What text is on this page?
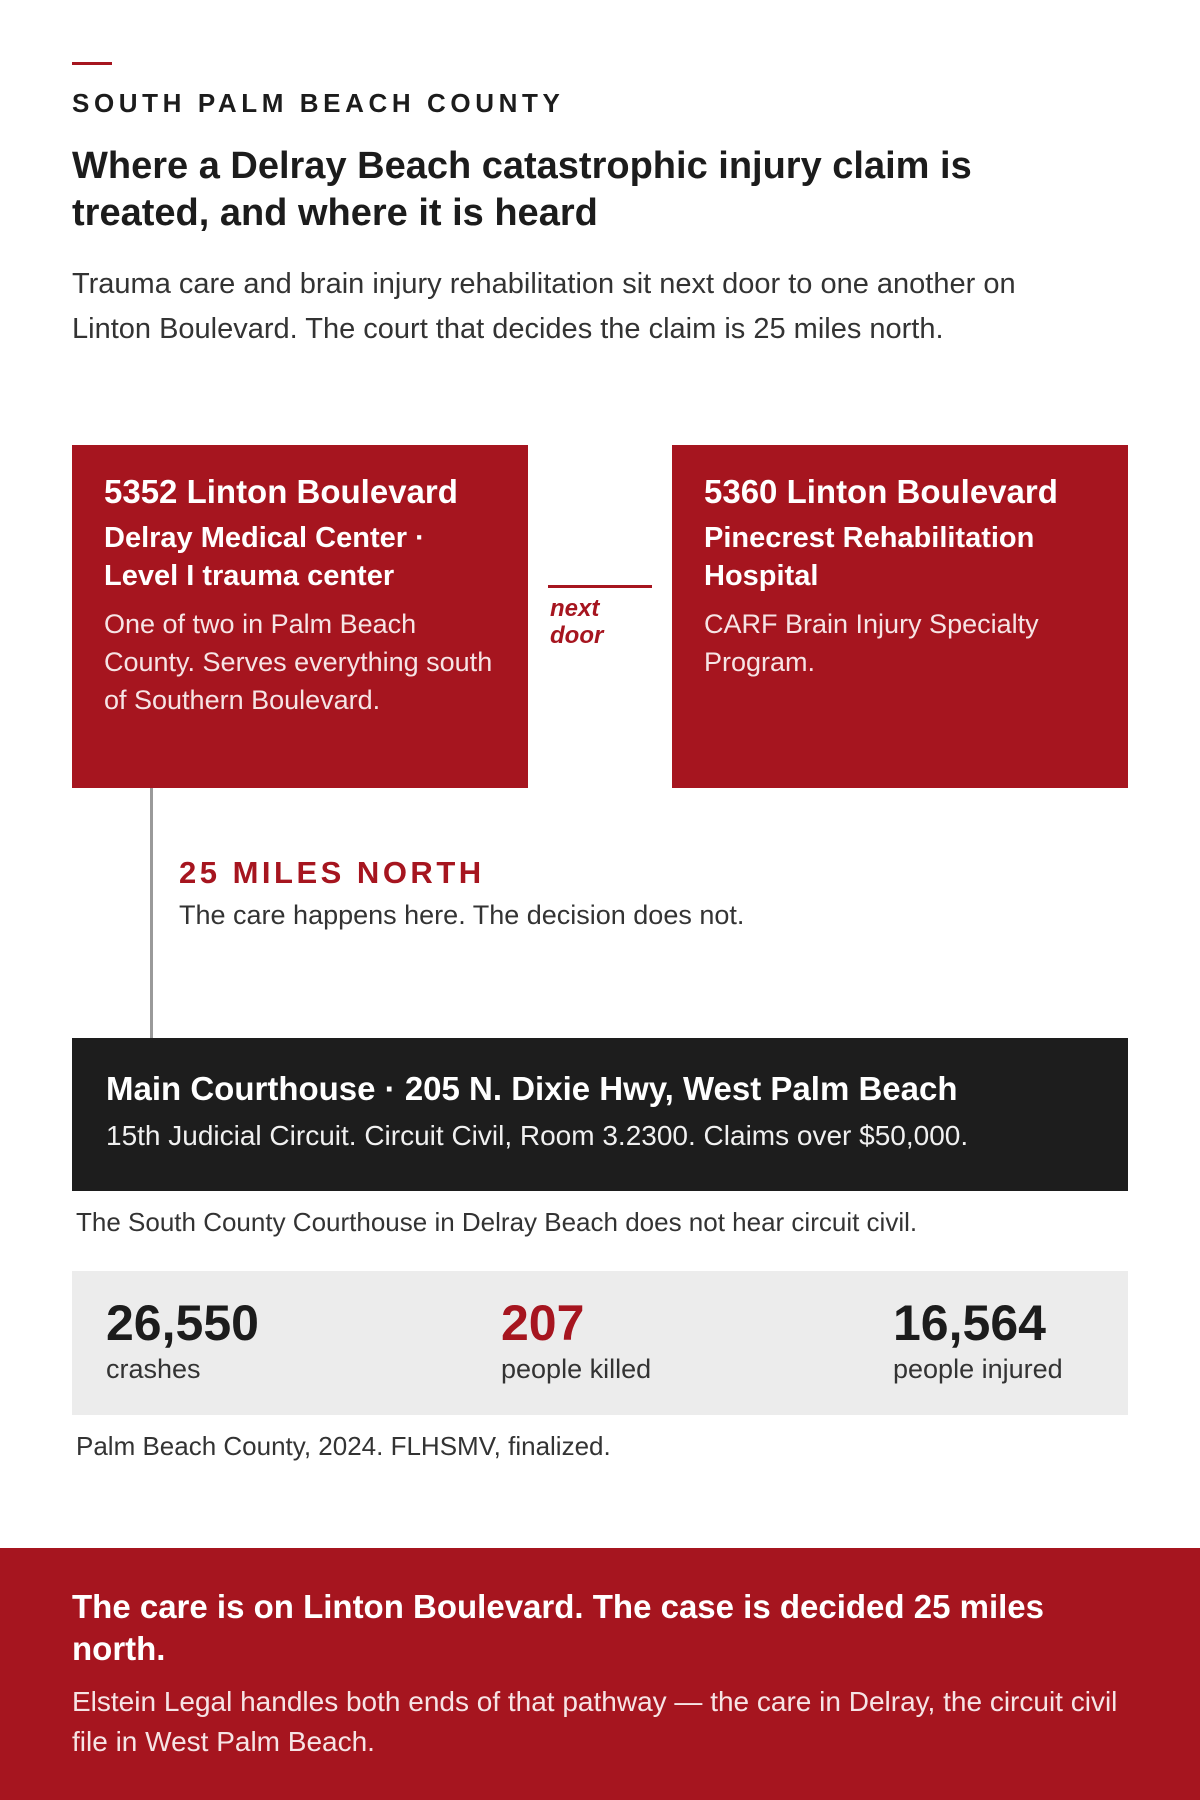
SOUTH PALM BEACH COUNTY
Where a Delray Beach catastrophic injury claim is treated, and where it is heard

Trauma care and brain injury rehabilitation sit next door to one another on Linton Boulevard. The court that decides the claim is 25 miles north.

5352 Linton Boulevard
Delray Medical Center · Level I trauma center
One of two in Palm Beach County. Serves everything south of Southern Boulevard.
next door
5360 Linton Boulevard
Pinecrest Rehabilitation Hospital
CARF Brain Injury Specialty Program.
25 MILES NORTH
The care happens here. The decision does not.
Main Courthouse · 205 N. Dixie Hwy, West Palm Beach
15th Judicial Circuit. Circuit Civil, Room 3.2300. Claims over $50,000.
The South County Courthouse in Delray Beach does not hear circuit civil.
26,550
crashes
207
people killed
16,564
people injured
Palm Beach County, 2024. FLHSMV, finalized.
The care is on Linton Boulevard. The case is decided 25 miles north.
Elstein Legal handles both ends of that pathway — the care in Delray, the circuit civil file in West Palm Beach.
